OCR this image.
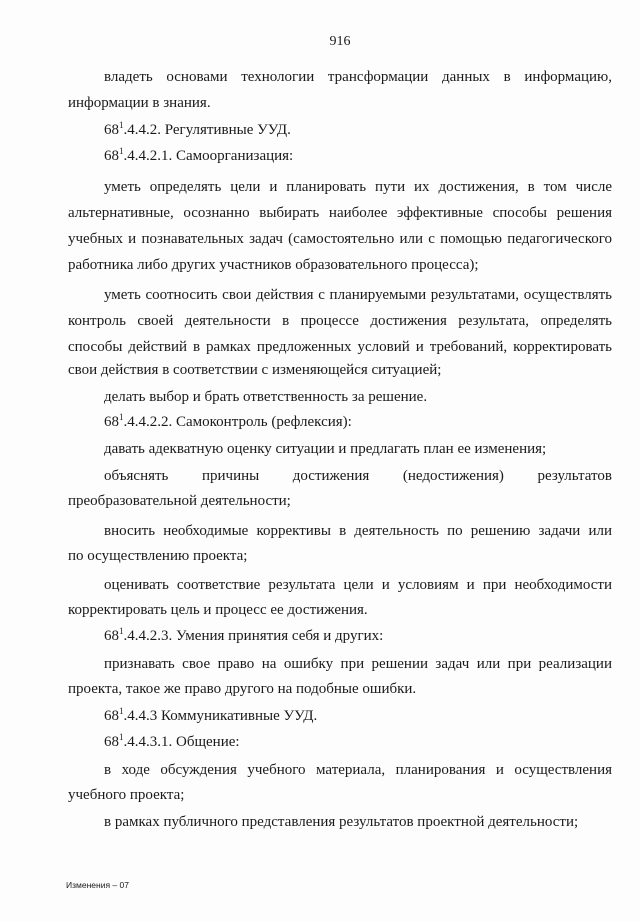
916
владеть основами технологии трансформации данных в информацию,
информации в знания.
$68^1.4.4.2$. Регулятивные УУД.
$68^1.4.4.2.1$. Самоорганизация:
уметь определять цели и планировать пути их достижения, в том числе
альтернативные, осознанно выбирать наиболее эффективные способы решения
учебных и познавательных задач (самостоятельно или с помощью педагогического
работника либо других участников образовательного процесса);
уметь соотносить свои действия с планируемыми результатами, осуществлять
контроль своей деятельности в процессе достижения результата, определять
способы действий в рамках предложенных условий и требований, корректировать
свои действия в соответствии с изменяющейся ситуацией;
делать выбор и брать ответственность за решение.
$68^1.4.4.2.2$. Самоконтроль (рефлексия):
давать адекватную оценку ситуации и предлагать план ее изменения;
объяснять причины достижения (недостижения) результатов
преобразовательной деятельности;
вносить необходимые коррективы в деятельность по решению задачи или
по осуществлению проекта;
оценивать соответствие результата цели и условиям и при необходимости
корректировать цель и процесс ее достижения.
$68^1.4.4.2.3$. Умения принятия себя и других:
признавать свое право на ошибку при решении задач или при реализации
проекта, такое же право другого на подобные ошибки.
$68^1.4.4.3$ Коммуникативные УУД.
$68^1.4.4.3.1$. Общение:
в ходе обсуждения учебного материала, планирования и осуществления
учебного проекта;
в рамках публичного представления результатов проектной деятельности;
Изменения – 07
